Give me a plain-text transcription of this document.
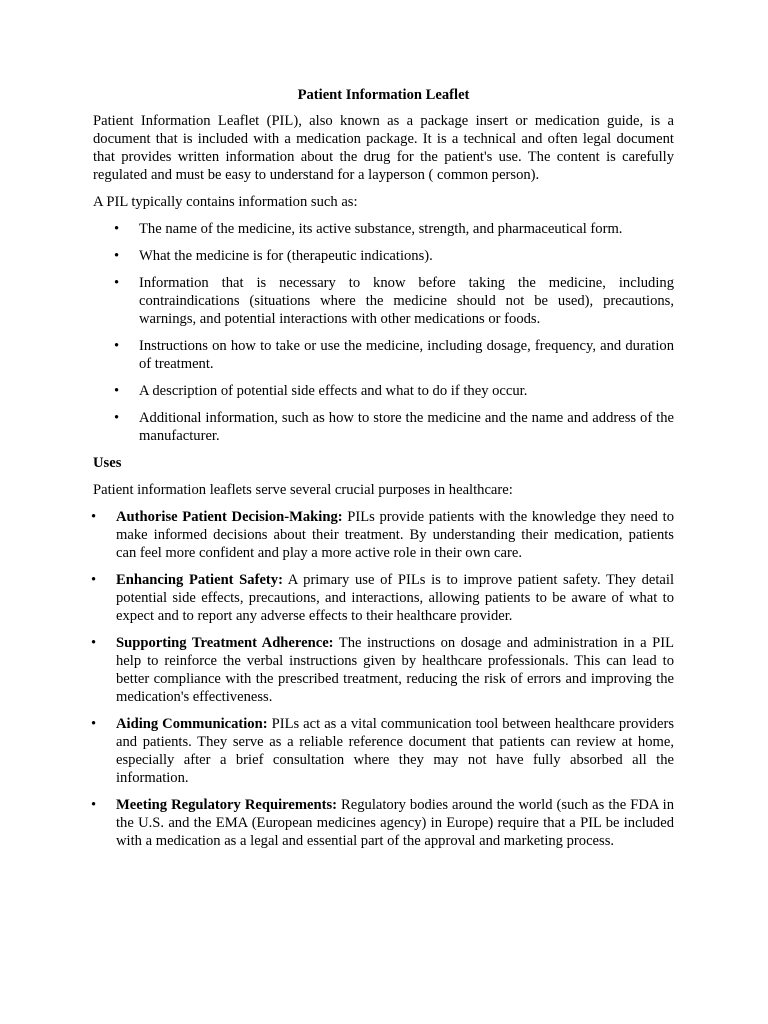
Patient Information Leaflet

Patient Information Leaflet (PIL), also known as a package insert or medication guide, is a document that is included with a medication package. It is a technical and often legal document that provides written information about the drug for the patient's use. The content is carefully regulated and must be easy to understand for a layperson ( common person).

A PIL typically contains information such as:

• The name of the medicine, its active substance, strength, and pharmaceutical form.
• What the medicine is for (therapeutic indications).
• Information that is necessary to know before taking the medicine, including contraindications (situations where the medicine should not be used), precautions, warnings, and potential interactions with other medications or foods.
• Instructions on how to take or use the medicine, including dosage, frequency, and duration of treatment.
• A description of potential side effects and what to do if they occur.
• Additional information, such as how to store the medicine and the name and address of the manufacturer.
Uses

Patient information leaflets serve several crucial purposes in healthcare:

• Authorise Patient Decision-Making: PILs provide patients with the knowledge they need to make informed decisions about their treatment. By understanding their medication, patients can feel more confident and play a more active role in their own care.
• Enhancing Patient Safety: A primary use of PILs is to improve patient safety. They detail potential side effects, precautions, and interactions, allowing patients to be aware of what to expect and to report any adverse effects to their healthcare provider.
• Supporting Treatment Adherence: The instructions on dosage and administration in a PIL help to reinforce the verbal instructions given by healthcare professionals. This can lead to better compliance with the prescribed treatment, reducing the risk of errors and improving the medication's effectiveness.
• Aiding Communication: PILs act as a vital communication tool between healthcare providers and patients. They serve as a reliable reference document that patients can review at home, especially after a brief consultation where they may not have fully absorbed all the information.
• Meeting Regulatory Requirements: Regulatory bodies around the world (such as the FDA in the U.S. and the EMA (European medicines agency) in Europe) require that a PIL be included with a medication as a legal and essential part of the approval and marketing process.
